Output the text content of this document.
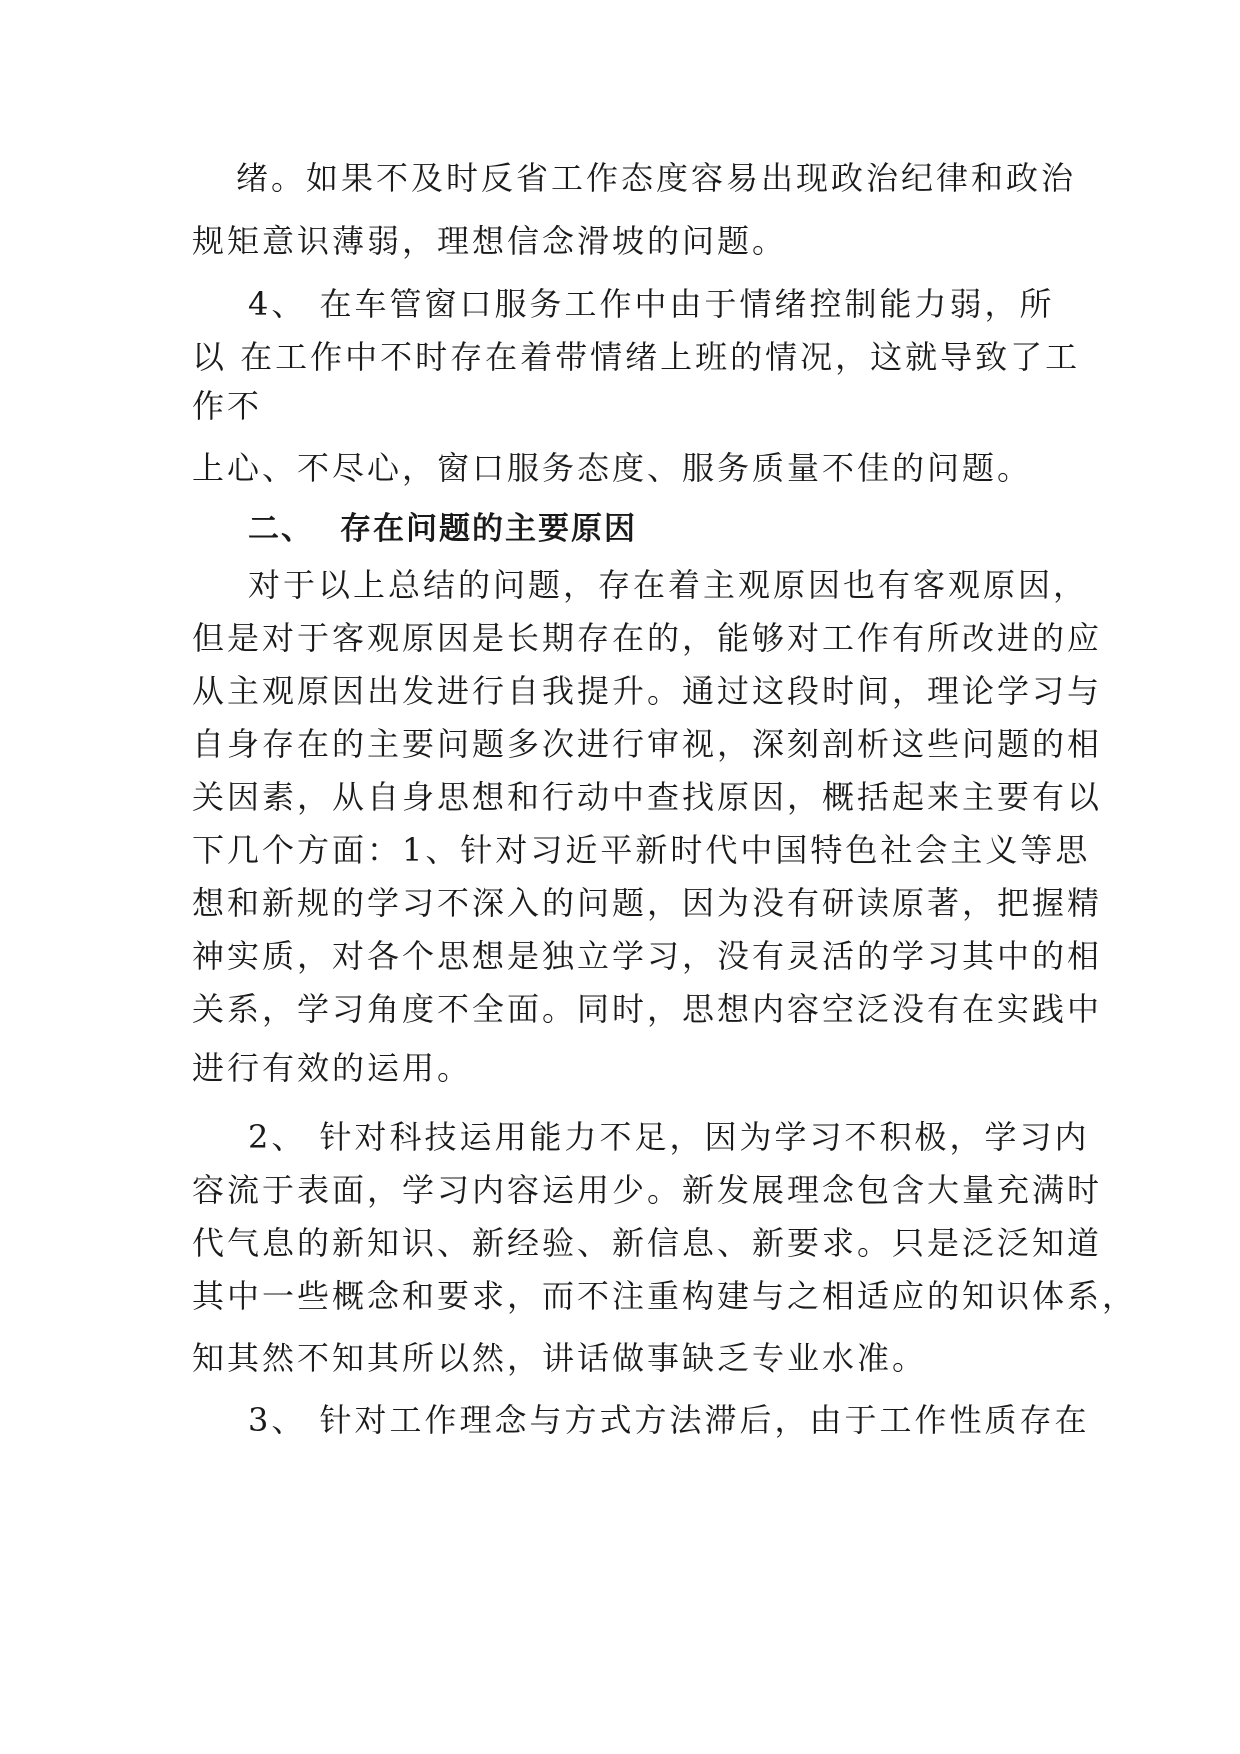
绪。如果不及时反省工作态度容易出现政治纪律和政治
规矩意识薄弱，理想信念滑坡的问题。
4、 在车管窗口服务工作中由于情绪控制能力弱，所
以 在工作中不时存在着带情绪上班的情况，这就导致了工
作不
上心、不尽心，窗口服务态度、服务质量不佳的问题。
二、 存在问题的主要原因
对于以上总结的问题，存在着主观原因也有客观原因，
但是对于客观原因是长期存在的，能够对工作有所改进的应
从主观原因出发进行自我提升。通过这段时间，理论学习与
自身存在的主要问题多次进行审视，深刻剖析这些问题的相
关因素，从自身思想和行动中查找原因，概括起来主要有以
下几个方面：1、针对习近平新时代中国特色社会主义等思
想和新规的学习不深入的问题，因为没有研读原著，把握精
神实质，对各个思想是独立学习，没有灵活的学习其中的相
关系，学习角度不全面。同时，思想内容空泛没有在实践中
进行有效的运用。
2、 针对科技运用能力不足，因为学习不积极，学习内
容流于表面，学习内容运用少。新发展理念包含大量充满时
代气息的新知识、新经验、新信息、新要求。只是泛泛知道
其中一些概念和要求，而不注重构建与之相适应的知识体系，
知其然不知其所以然，讲话做事缺乏专业水准。
3、 针对工作理念与方式方法滞后，由于工作性质存在
